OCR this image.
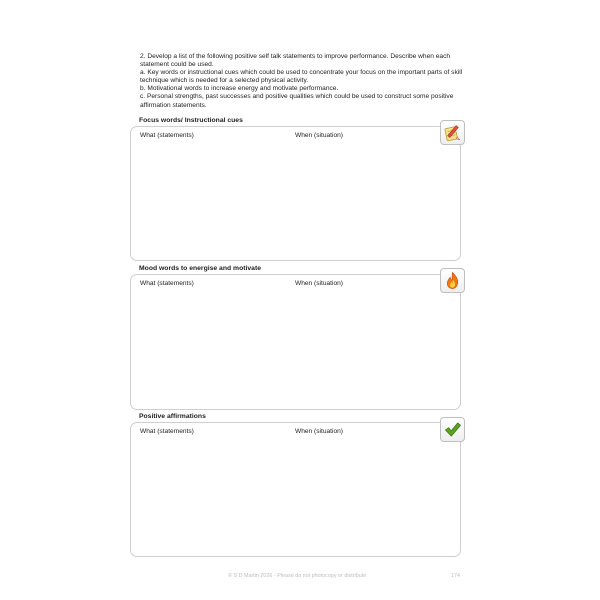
2. Develop a list of the following positive self talk statements to improve performance. Describe when each statement could be used.

a. Key words or instructional cues which could be used to concentrate your focus on the important parts of skill technique which is needed for a selected physical activity.

b. Motivational words to increase energy and motivate performance.

c. Personal strengths, past successes and positive qualities which could be used to construct some positive affirmation statements.

Focus words/ Instructional cues
What (statements)	When (situation)
Mood words to energise and motivate
What (statements)	When (situation)
Positive affirmations
What (statements)	When (situation)
© S D Martin 2026 - Please do not photocopy or distribute	174
